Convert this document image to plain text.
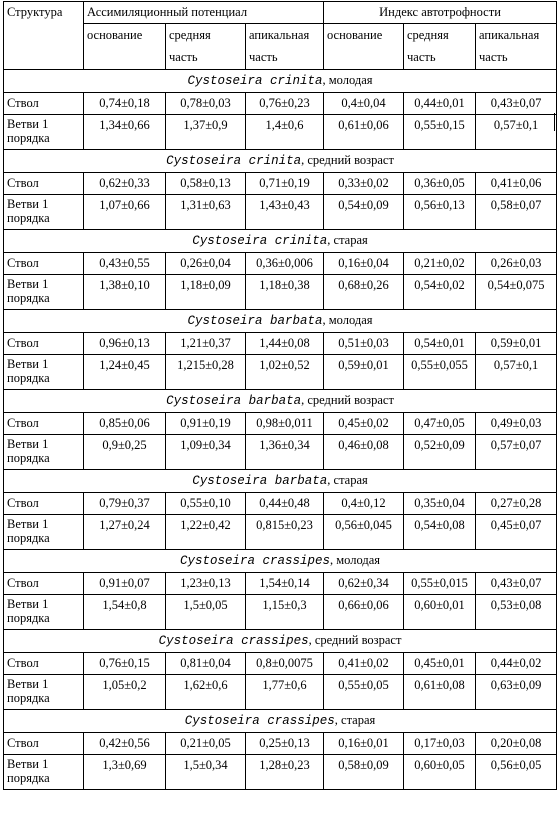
Структура	Ассимиляционный потенциал			Индекс автотрофности		
	основание	средняя часть	апикальная часть	основание	средняя часть	апикальная часть
Cystoseira crinita, молодая						
Ствол	0,74±0,18	0,78±0,03	0,76±0,23	0,4±0,04	0,44±0,01	0,43±0,07
Ветви 1 порядка	1,34±0,66	1,37±0,9	1,4±0,6	0,61±0,06	0,55±0,15	0,57±0,1
Cystoseira crinita, средний возраст						
Ствол	0,62±0,33	0,58±0,13	0,71±0,19	0,33±0,02	0,36±0,05	0,41±0,06
Ветви 1 порядка	1,07±0,66	1,31±0,63	1,43±0,43	0,54±0,09	0,56±0,13	0,58±0,07
Cystoseira crinita, старая						
Ствол	0,43±0,55	0,26±0,04	0,36±0,006	0,16±0,04	0,21±0,02	0,26±0,03
Ветви 1 порядка	1,38±0,10	1,18±0,09	1,18±0,38	0,68±0,26	0,54±0,02	0,54±0,075
Cystoseira barbata, молодая						
Ствол	0,96±0,13	1,21±0,37	1,44±0,08	0,51±0,03	0,54±0,01	0,59±0,01
Ветви 1 порядка	1,24±0,45	1,215±0,28	1,02±0,52	0,59±0,01	0,55±0,055	0,57±0,1
Cystoseira barbata, средний возраст						
Ствол	0,85±0,06	0,91±0,19	0,98±0,011	0,45±0,02	0,47±0,05	0,49±0,03
Ветви 1 порядка	0,9±0,25	1,09±0,34	1,36±0,34	0,46±0,08	0,52±0,09	0,57±0,07
Cystoseira barbata, старая						
Ствол	0,79±0,37	0,55±0,10	0,44±0,48	0,4±0,12	0,35±0,04	0,27±0,28
Ветви 1 порядка	1,27±0,24	1,22±0,42	0,815±0,23	0,56±0,045	0,54±0,08	0,45±0,07
Cystoseira crassipes, молодая						
Ствол	0,91±0,07	1,23±0,13	1,54±0,14	0,62±0,34	0,55±0,015	0,43±0,07
Ветви 1 порядка	1,54±0,8	1,5±0,05	1,15±0,3	0,66±0,06	0,60±0,01	0,53±0,08
Cystoseira crassipes, средний возраст						
Ствол	0,76±0,15	0,81±0,04	0,8±0,0075	0,41±0,02	0,45±0,01	0,44±0,02
Ветви 1 порядка	1,05±0,2	1,62±0,6	1,77±0,6	0,55±0,05	0,61±0,08	0,63±0,09
Cystoseira crassipes, старая						
Ствол	0,42±0,56	0,21±0,05	0,25±0,13	0,16±0,01	0,17±0,03	0,20±0,08
Ветви 1 порядка	1,3±0,69	1,5±0,34	1,28±0,23	0,58±0,09	0,60±0,05	0,56±0,05
